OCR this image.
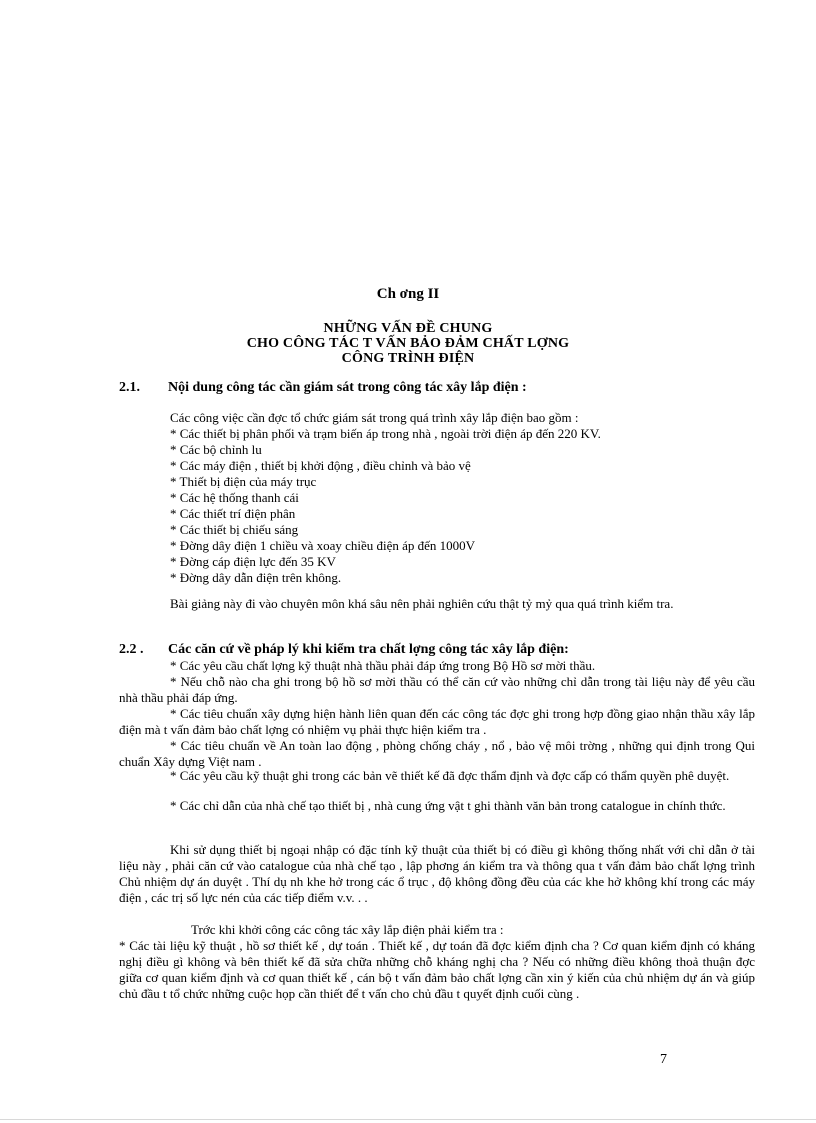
Ch ơng II
NHỮNG VẤN ĐỀ CHUNG
CHO CÔNG TÁC T VẤN BẢO ĐẢM CHẤT LỢNG
CÔNG TRÌNH ĐIỆN
2.1. Nội dung công tác cần giám sát trong công tác xây lắp điện :
Các công việc cần đợc tổ chức giám sát trong quá trình xây lắp điện bao gồm :
* Các thiết bị phân phối và trạm biến áp trong nhà , ngoài trời điện áp đến 220 KV.
* Các bộ chỉnh lu
* Các máy điện , thiết bị khởi động , điều chỉnh và bảo vệ
* Thiết bị điện của máy trục
* Các hệ thống thanh cái
* Các thiết trí điện phân
* Các thiết bị chiếu sáng
* Đờng dây điện 1 chiều và xoay chiều điện áp đến 1000V
* Đờng cáp điện lực đến 35 KV
* Đờng dây dẫn điện trên không.

Bài giảng này đi vào chuyên môn khá sâu nên phải nghiên cứu thật tỷ mỷ qua quá trình kiểm tra.

2.2 . Các căn cứ về pháp lý khi kiểm tra chất lợng công tác xây lắp điện:

* Các yêu cầu chất lợng kỹ thuật nhà thầu phải đáp ứng trong Bộ Hồ sơ mời thầu.

* Nếu chỗ nào cha ghi trong bộ hồ sơ mời thầu có thể căn cứ vào những chỉ dẫn trong tài liệu này để yêu cầu nhà thầu phải đáp ứng.

* Các tiêu chuẩn xây dựng hiện hành liên quan đến các công tác đợc ghi trong hợp đồng giao nhận thầu xây lắp điện mà t vấn đảm bảo chất lợng có nhiệm vụ phải thực hiện kiểm tra .

* Các tiêu chuẩn về An toàn lao động , phòng chống cháy , nổ , bảo vệ môi trờng , những qui định trong Qui chuẩn Xây dựng Việt nam .

* Các yêu cầu kỹ thuật ghi trong các bản vẽ thiết kế đã đợc thẩm định và đợc cấp có thẩm quyền phê duyệt.

* Các chỉ dẫn của nhà chế tạo thiết bị , nhà cung ứng vật t ghi thành văn bản trong catalogue in chính thức.

Khi sử dụng thiết bị ngoại nhập có đặc tính kỹ thuật của thiết bị có điều gì không thống nhất với chỉ dẫn ở tài liệu này , phải căn cứ vào catalogue của nhà chế tạo , lập phơng án kiểm tra và thông qua t vấn đảm bảo chất lợng trình Chủ nhiệm dự án duyệt . Thí dụ nh khe hở trong các ổ trục , độ không đồng đều của các khe hở không khí trong các máy điện , các trị số lực nén của các tiếp điểm v.v. . .

Trớc khi khởi công các công tác xây lắp điện phải kiểm tra :

* Các tài liệu kỹ thuật , hồ sơ thiết kế , dự toán . Thiết kế , dự toán đã đợc kiểm định cha ? Cơ quan kiểm định có kháng nghị điều gì không và bên thiết kế đã sửa chữa những chỗ kháng nghị cha ? Nếu có những điều không thoả thuận đợc giữa cơ quan kiểm định và cơ quan thiết kế , cán bộ t vấn đảm bảo chất lợng cần xin ý kiến của chủ nhiệm dự án và giúp chủ đầu t tổ chức những cuộc họp cần thiết để t vấn cho chủ đầu t quyết định cuối cùng .

7
